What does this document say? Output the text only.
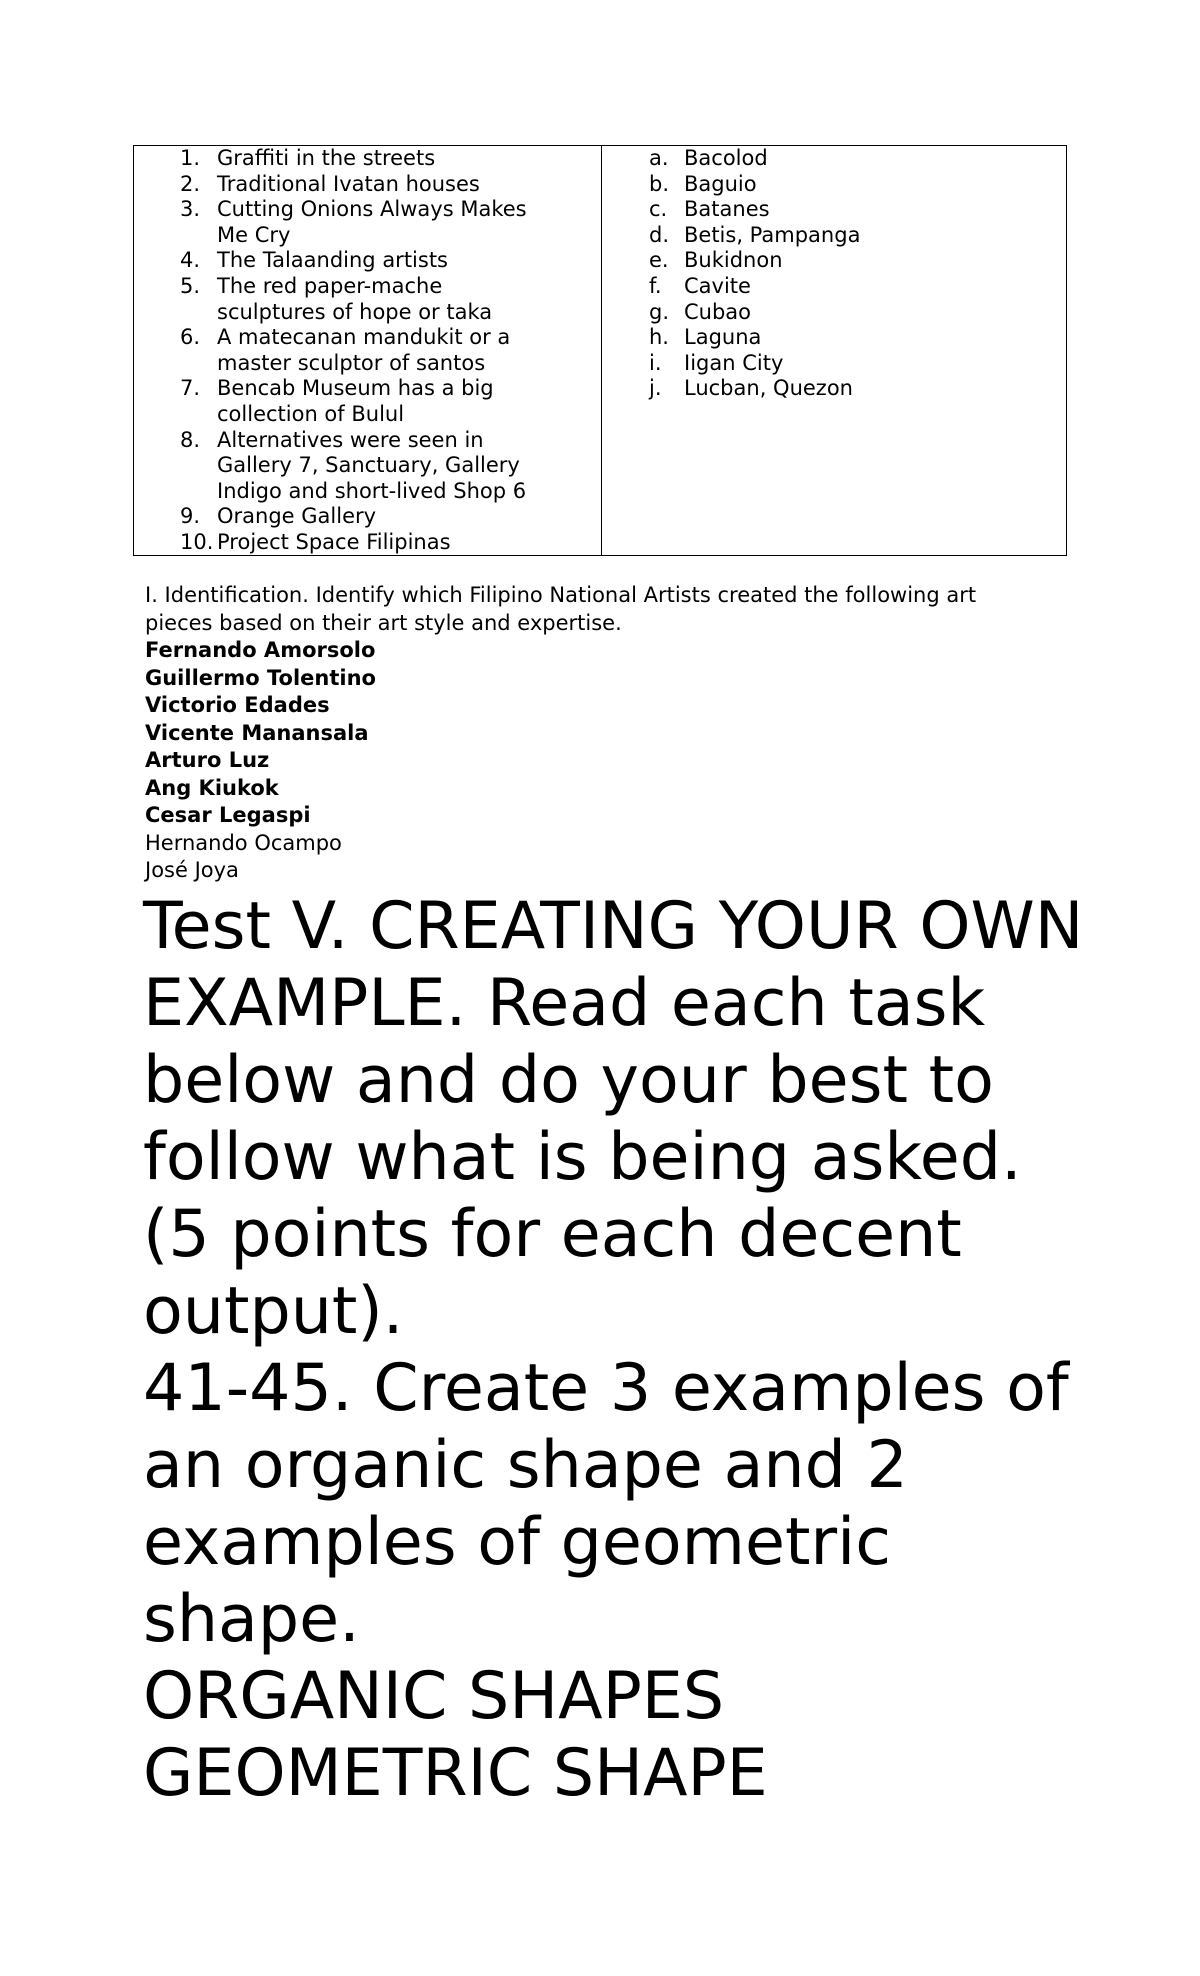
1. Graffiti in the streets
2. Traditional Ivatan houses
3. Cutting Onions Always Makes Me Cry
4. The Talaanding artists
5. The red paper-mache sculptures of hope or taka
6. A matecanan mandukit or a master sculptor of santos
7. Bencab Museum has a big collection of Bulul
8. Alternatives were seen in Gallery 7, Sanctuary, Gallery Indigo and short-lived Shop 6
9. Orange Gallery
10. Project Space Filipinas
a. Bacolod
b. Baguio
c. Batanes
d. Betis, Pampanga
e. Bukidnon
f. Cavite
g. Cubao
h. Laguna
i. Iigan City
j. Lucban, Quezon
I. Identification. Identify which Filipino National Artists created the following art pieces based on their art style and expertise.
Fernando Amorsolo
Guillermo Tolentino
Victorio Edades
Vicente Manansala
Arturo Luz
Ang Kiukok
Cesar Legaspi
Hernando Ocampo
José Joya

Test V. CREATING YOUR OWN EXAMPLE. Read each task below and do your best to follow what is being asked. (5 points for each decent output).

41-45. Create 3 examples of an organic shape and 2 examples of geometric shape.

ORGANIC SHAPES

GEOMETRIC SHAPE
